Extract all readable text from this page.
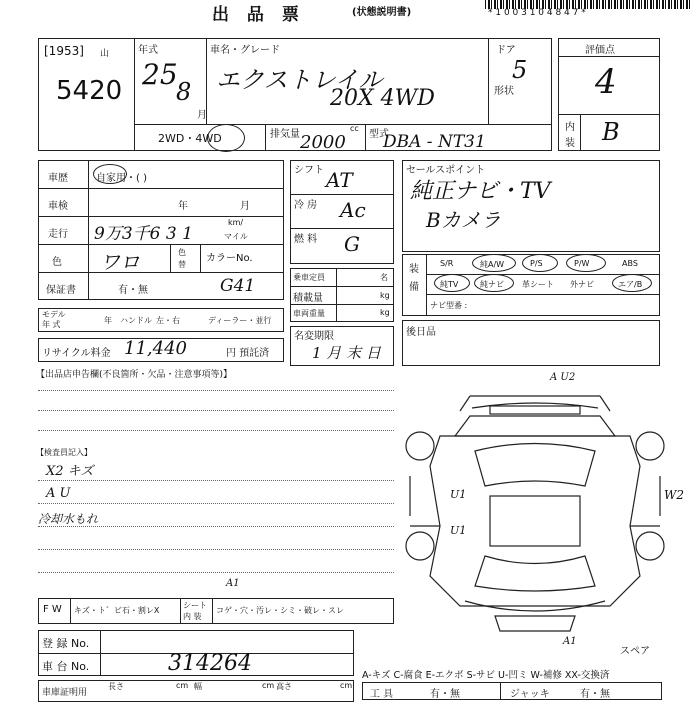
出 品 票	(状態説明書)	* 1 0 0 3 1 0 4 8 4 7 *
[1953] 山
5420
年式
25
8
月
車名・グレード
エクストレイル
20X 4WD
ドア
5
形状
2WD・4WD	排気量
cc
2000 型式
DBA - NT31
評価点
4
内
装 B
車歴	自家用・( )
車検	年	月
走行 9万3千6 3 1
km/
マイル
色 ワロ	色
替
カラーNo.
保証書	有・無	G41
モデル
年 式	年 ハンドル 左・右	ディーラー・並行
リサイクル料金 11,440	円 預託済
シフト AT
冷 房 Ac
燃 料 G
乗車定員	名
積載量	kg
車両重量	kg
名変期限
1 月 末 日
セールスポイント
純正ナビ・TV
Bカメラ
装
備
S/R	純A/W	P/S	P/W	ABS
純TV	純ナビ 革シート 外ナビ	エア/B
ナビ型番 :
後日品
【出品店申告欄(不良箇所・欠品・注意事項等)】
【検査員記入】
X2 キズ
A U
冷却水もれ
A U2
U1
U1
W2
A1
スペア
F W キズ・ト゛ビ石・割レX
シート
内 装
コゲ・穴・汚レ・シミ・破レ・スレ
A1
登 録 No.
車 台 No.	314264	A-キズ C-腐食 E-エクボ S-サビ U-凹ミ W-補修 XX-交換済
車庫証明用
長さ	cm 幅	cm 高さ	cm
工 具	有・無	ジャッキ	有・無
